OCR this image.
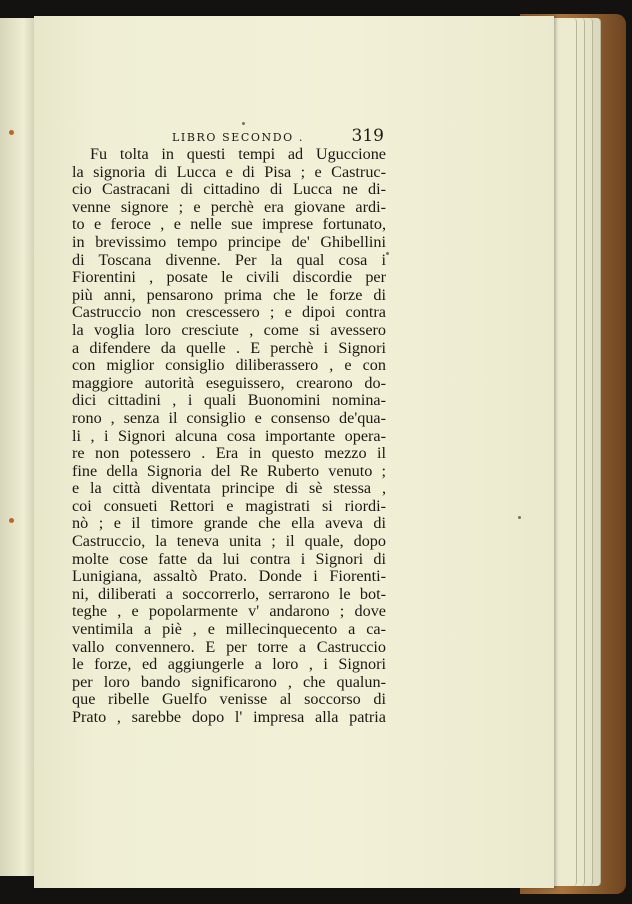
LIBRO SECONDO .	319
Fu tolta in questi tempi ad Uguccione
la signoria di Lucca e di Pisa ; e Castruc-
cio Castracani di cittadino di Lucca ne di-
venne signore ; e perchè era giovane ardi-
to e feroce , e nelle sue imprese fortunato,
in brevissimo tempo principe de' Ghibellini
di Toscana divenne. Per la qual cosa i
Fiorentini , posate le civili discordie per
più anni, pensarono prima che le forze di
Castruccio non crescessero ; e dipoi contra
la voglia loro cresciute , come si avessero
a difendere da quelle . E perchè i Signori
con miglior consiglio diliberassero , e con
maggiore autorità eseguissero, crearono do-
dici cittadini , i quali Buonomini nomina-
rono , senza il consiglio e consenso de'qua-
li , i Signori alcuna cosa importante opera-
re non potessero . Era in questo mezzo il
fine della Signoria del Re Ruberto venuto ;
e la città diventata principe di sè stessa ,
coi consueti Rettori e magistrati si riordi-
nò ; e il timore grande che ella aveva di
Castruccio, la teneva unita ; il quale, dopo
molte cose fatte da lui contra i Signori di
Lunigiana, assaltò Prato. Donde i Fiorenti-
ni, diliberati a soccorrerlo, serrarono le bot-
teghe , e popolarmente v' andarono ; dove
ventimila a piè , e millecinquecento a ca-
vallo convennero. E per torre a Castruccio
le forze, ed aggiungerle a loro , i Signori
per loro bando significarono , che qualun-
que ribelle Guelfo venisse al soccorso di
Prato , sarebbe dopo l' impresa alla patria
